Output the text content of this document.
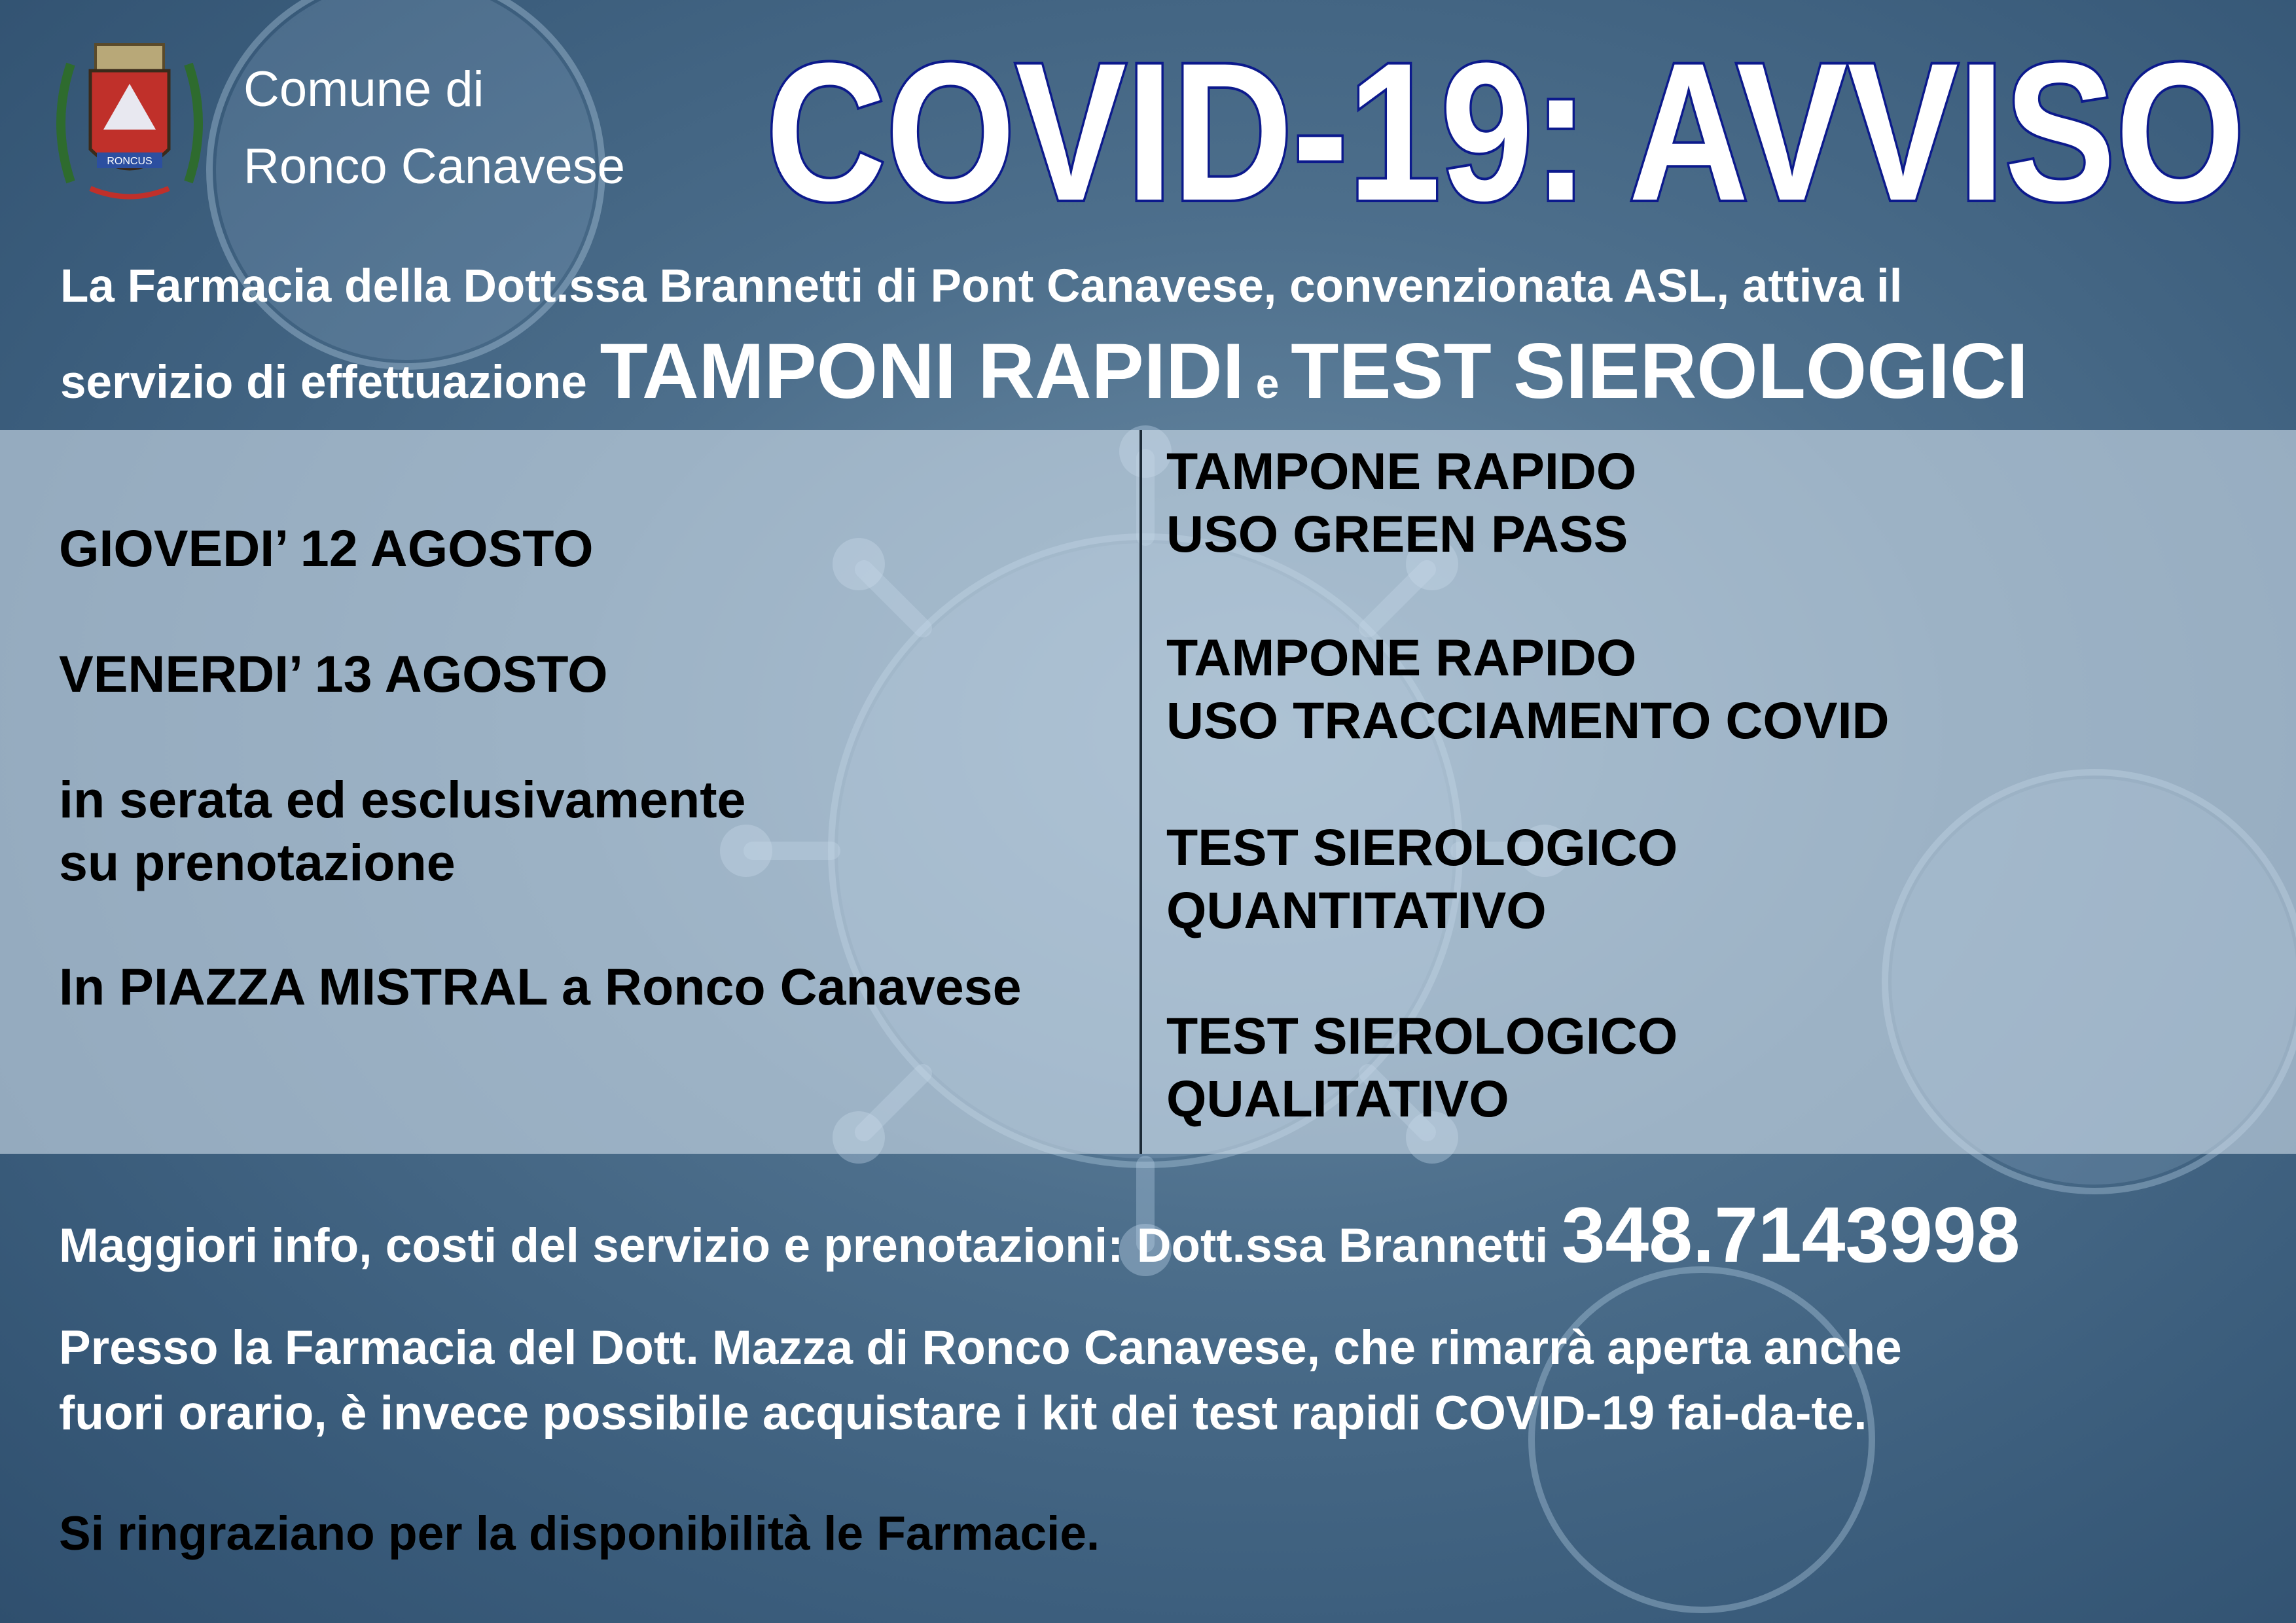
RONCUS
Comune di
Ronco Canavese COVID-19: AVVISO
La Farmacia della Dott.ssa Brannetti di Pont Canavese, convenzionata ASL, attiva il
servizio di effettuazione TAMPONI RAPIDI e TEST SIEROLOGICI
GIOVEDI’ 12 AGOSTO
VENERDI’ 13 AGOSTO
in serata ed esclusivamente
su prenotazione
In PIAZZA MISTRAL a Ronco Canavese
TAMPONE RAPIDO
USO GREEN PASS
TAMPONE RAPIDO
USO TRACCIAMENTO COVID
TEST SIEROLOGICO
QUANTITATIVO
TEST SIEROLOGICO
QUALITATIVO
Maggiori info, costi del servizio e prenotazioni: Dott.ssa Brannetti 348.7143998
Presso la Farmacia del Dott. Mazza di Ronco Canavese, che rimarrà aperta anche
fuori orario, è invece possibile acquistare i kit dei test rapidi COVID-19 fai-da-te.
Si ringraziano per la disponibilità le Farmacie.
